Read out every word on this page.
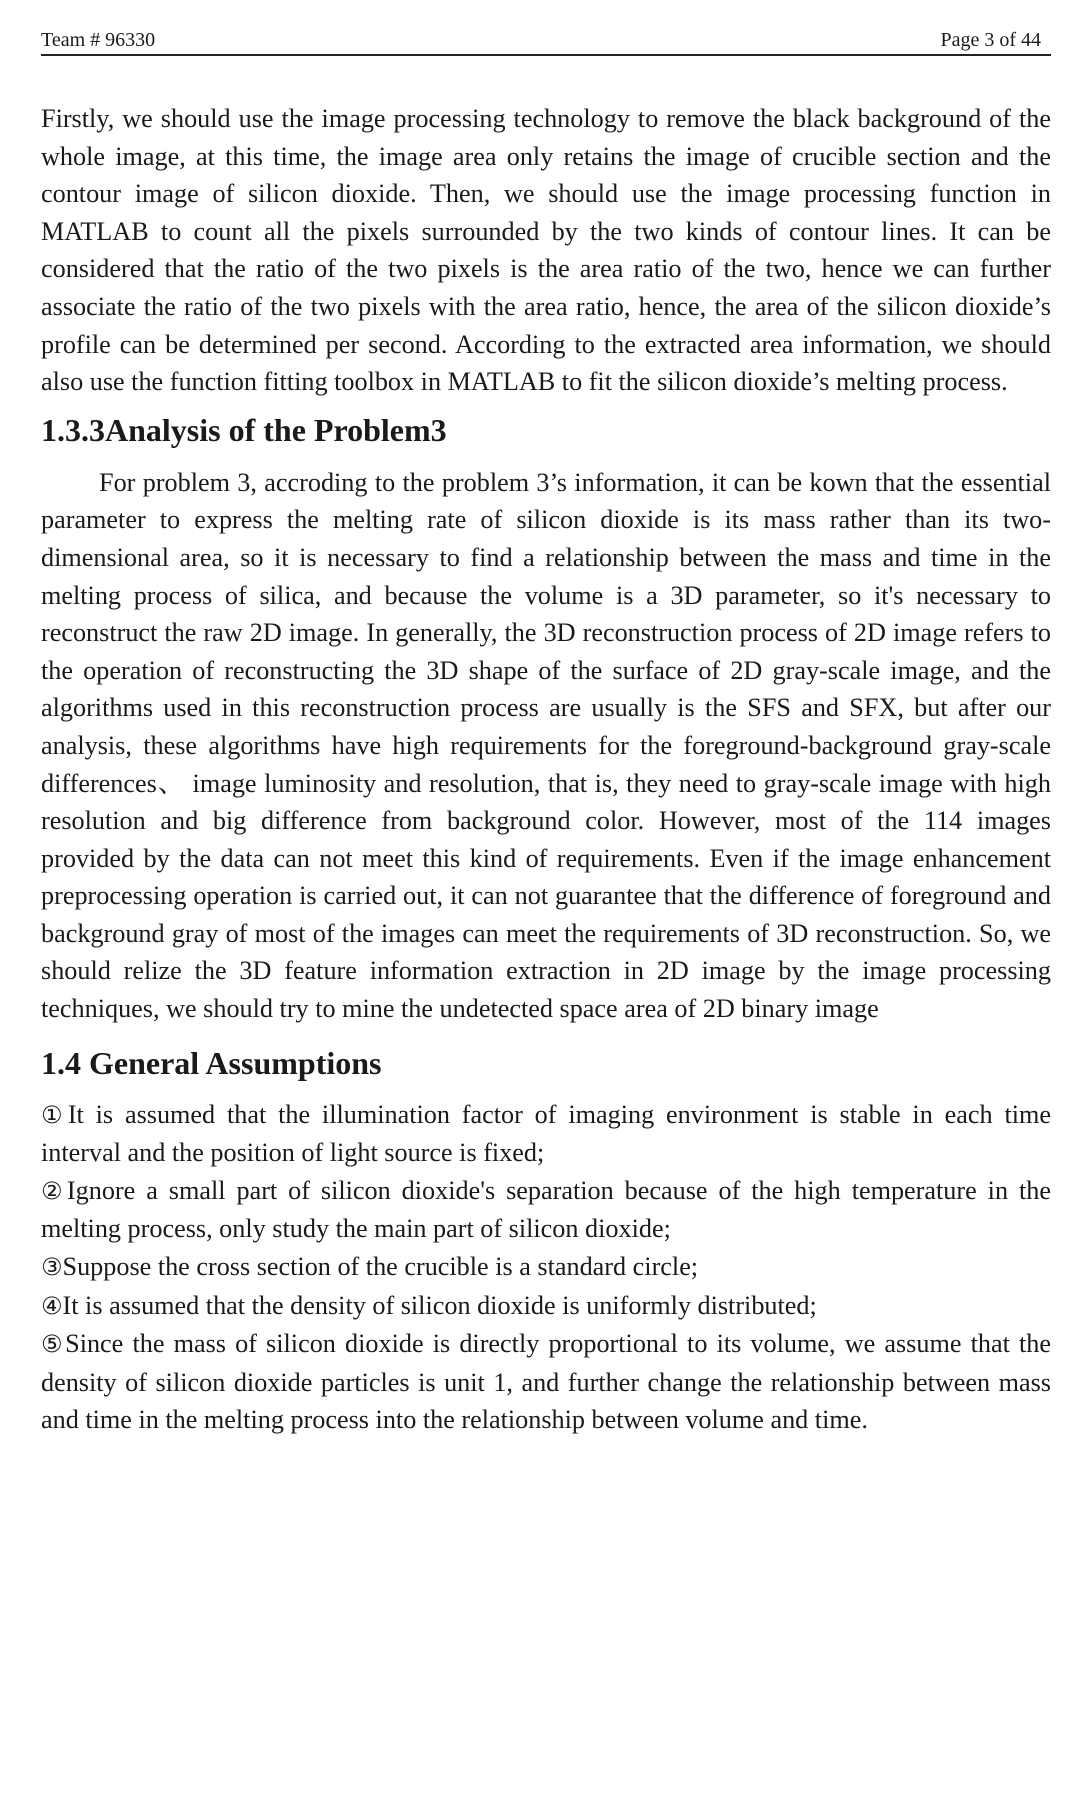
Team # 96330	Page 3 of 44

Firstly, we should use the image processing technology to remove the black background of the whole image, at this time, the image area only retains the image of crucible section and the contour image of silicon dioxide. Then, we should use the image processing function in MATLAB to count all the pixels surrounded by the two kinds of contour lines. It can be considered that the ratio of the two pixels is the area ratio of the two, hence we can further associate the ratio of the two pixels with the area ratio, hence, the area of the silicon dioxide’s profile can be determined per second. According to the extracted area information, we should also use the function fitting toolbox in MATLAB to fit the silicon dioxide’s melting process.

1.3.3Analysis of the Problem3

For problem 3, accroding to the problem 3’s information, it can be kown that the essential parameter to express the melting rate of silicon dioxide is its mass rather than its two-dimensional area, so it is necessary to find a relationship between the mass and time in the melting process of silica, and because the volume is a 3D parameter, so it's necessary to reconstruct the raw 2D image. In generally, the 3D reconstruction process of 2D image refers to the operation of reconstructing the 3D shape of the surface of 2D gray-scale image, and the algorithms used in this reconstruction process are usually is the SFS and SFX, but after our analysis, these algorithms have high requirements for the foreground-background gray-scale differences、 image luminosity and resolution, that is, they need to gray-scale image with high resolution and big difference from background color. However, most of the 114 images provided by the data can not meet this kind of requirements. Even if the image enhancement preprocessing operation is carried out, it can not guarantee that the difference of foreground and background gray of most of the images can meet the requirements of 3D reconstruction. So, we should relize the 3D feature information extraction in 2D image by the image processing techniques, we should try to mine the undetected space area of 2D binary image

1.4 General Assumptions

①It is assumed that the illumination factor of imaging environment is stable in each time interval and the position of light source is fixed;

②Ignore a small part of silicon dioxide's separation because of the high temperature in the melting process, only study the main part of silicon dioxide;

③Suppose the cross section of the crucible is a standard circle;

④It is assumed that the density of silicon dioxide is uniformly distributed;

⑤Since the mass of silicon dioxide is directly proportional to its volume, we assume that the density of silicon dioxide particles is unit 1, and further change the relationship between mass and time in the melting process into the relationship between volume and time.
